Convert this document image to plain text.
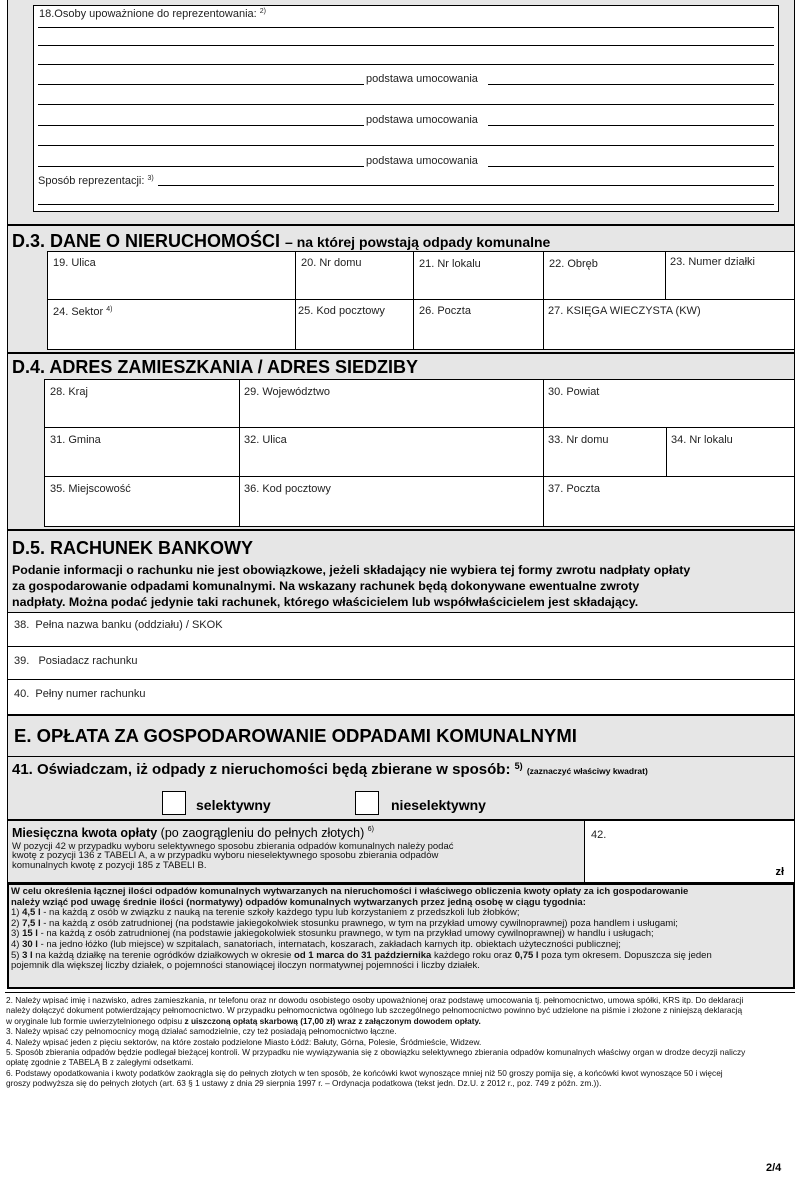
18.Osoby upoważnione do reprezentowania: $^{2)}$
podstawa umocowania
podstawa umocowania
podstawa umocowania
Sposób reprezentacji: $^{3)}$
D.3. DANE O NIERUCHOMOŚCI – na której powstają odpady komunalne
19. Ulica	20. Nr domu	21. Nr lokalu	22. Obręb	23. Numer działki
24. Sektor $^{4)}$	25. Kod pocztowy	26. Poczta	27. KSIĘGA WIECZYSTA (KW)
D.4. ADRES ZAMIESZKANIA / ADRES SIEDZIBY
28. Kraj	29. Województwo	30. Powiat
31. Gmina	32. Ulica	33. Nr domu	34. Nr lokalu
35. Miejscowość	36. Kod pocztowy	37. Poczta
D.5. RACHUNEK BANKOWY
Podanie informacji o rachunku nie jest obowiązkowe, jeżeli składający nie wybiera tej formy zwrotu nadpłaty opłaty
za gospodarowanie odpadami komunalnymi. Na wskazany rachunek będą dokonywane ewentualne zwroty
nadpłaty. Można podać jedynie taki rachunek, którego właścicielem lub współwłaścicielem jest składający.
38. Pełna nazwa banku (oddziału) / SKOK
39. Posiadacz rachunku
40. Pełny numer rachunku
E. OPŁATA ZA GOSPODAROWANIE ODPADAMI KOMUNALNYMI
41. Oświadczam, iż odpady z nieruchomości będą zbierane w sposób: $^{5)}$ (zaznaczyć właściwy kwadrat)
selektywny	nieselektywny
Miesięczna kwota opłaty (po zaogrągleniu do pełnych złotych) $^{6)}$
W pozycji 42 w przypadku wyboru selektywnego sposobu zbierania odpadów komunalnych należy podać
kwotę z pozycji 136 z TABELI A, a w przypadku wyboru nieselektywnego sposobu zbierania odpadów
komunalnych kwotę z pozycji 185 z TABELI B.
42.
zł
W celu określenia łącznej ilości odpadów komunalnych wytwarzanych na nieruchomości i właściwego obliczenia kwoty opłaty za ich gospodarowanie
należy wziąć pod uwagę średnie ilości (normatywy) odpadów komunalnych wytwarzanych przez jedną osobę w ciągu tygodnia:
1) 4,5 l - na każdą z osób w związku z nauką na terenie szkoły każdego typu lub korzystaniem z przedszkoli lub żłobków;
2) 7,5 l - na każdą z osób zatrudnionej (na podstawie jakiegokolwiek stosunku prawnego, w tym na przykład umowy cywilnoprawnej) poza handlem i usługami;
3) 15 l - na każdą z osób zatrudnionej (na podstawie jakiegokolwiek stosunku prawnego, w tym na przykład umowy cywilnoprawnej) w handlu i usługach;
4) 30 l - na jedno łóżko (lub miejsce) w szpitalach, sanatoriach, internatach, koszarach, zakładach karnych itp. obiektach użyteczności publicznej;
5) 3 l na każdą działkę na terenie ogródków działkowych w okresie od 1 marca do 31 października każdego roku oraz 0,75 l poza tym okresem. Dopuszcza się jeden
pojemnik dla większej liczby działek, o pojemności stanowiącej iloczyn normatywnej pojemności i liczby działek.
2. Należy wpisać imię i nazwisko, adres zamieszkania, nr telefonu oraz nr dowodu osobistego osoby upoważnionej oraz podstawę umocowania tj. pełnomocnictwo, umowa spółki, KRS itp. Do deklaracji
należy dołączyć dokument potwierdzający pełnomocnictwo. W przypadku pełnomocnictwa ogólnego lub szczególnego pełnomocnictwo powinno być udzielone na piśmie i złożone z niniejszą deklaracją
w oryginale lub formie uwierzytelnionego odpisu z uiszczoną opłatą skarbową (17,00 zł) wraz z załączonym dowodem opłaty.
3. Należy wpisać czy pełnomocnicy mogą działać samodzielnie, czy też posiadają pełnomocnictwo łączne.
4. Należy wpisać jeden z pięciu sektorów, na które zostało podzielone Miasto Łódź: Bałuty, Górna, Polesie, Śródmieście, Widzew.
5. Sposób zbierania odpadów będzie podlegał bieżącej kontroli. W przypadku nie wywiązywania się z obowiązku selektywnego zbierania odpadów komunalnych właściwy organ w drodze decyzji naliczy
opłatę zgodnie z TABELĄ B z zaległymi odsetkami.
6. Podstawy opodatkowania i kwoty podatków zaokrągla się do pełnych złotych w ten sposób, że końcówki kwot wynoszące mniej niż 50 groszy pomija się, a końcówki kwot wynoszące 50 i więcej
groszy podwyższa się do pełnych złotych (art. 63 § 1 ustawy z dnia 29 sierpnia 1997 r. – Ordynacja podatkowa (tekst jedn. Dz.U. z 2012 r., poz. 749 z późn. zm.)).
2/4
